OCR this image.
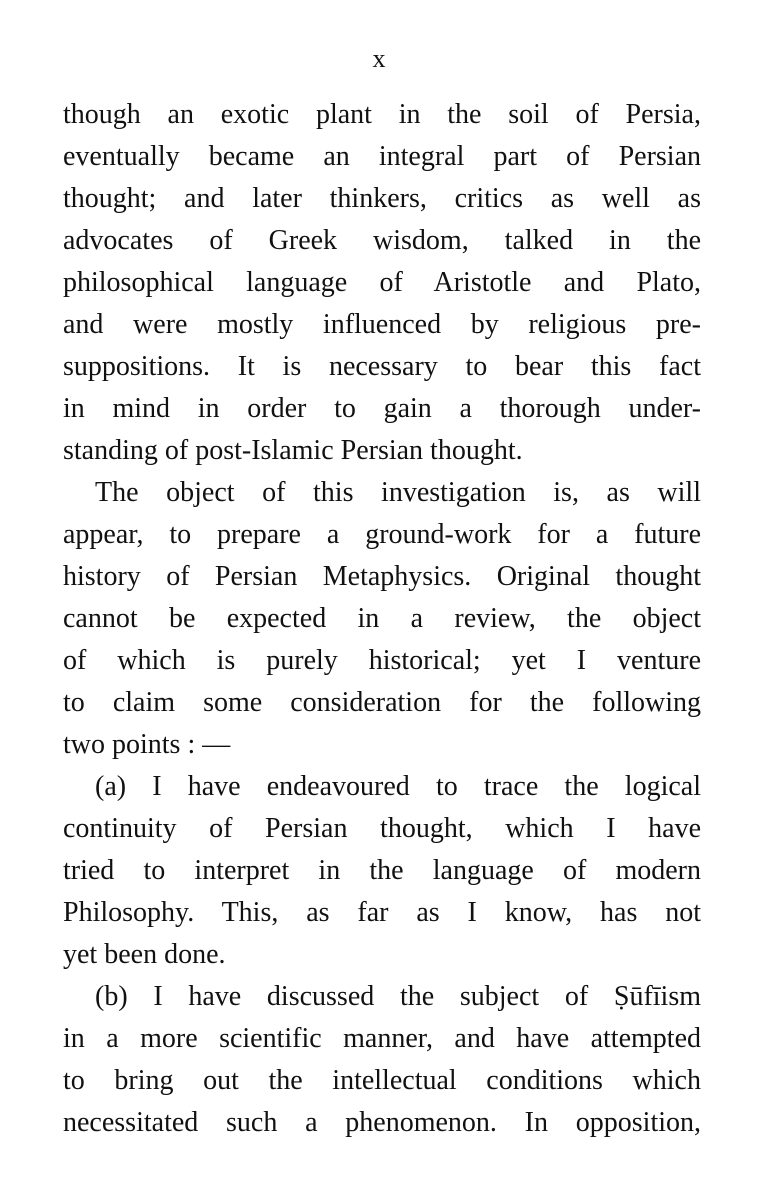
x
though an exotic plant in the soil of Persia,
eventually became an integral part of Persian
thought; and later thinkers, critics as well as
advocates of Greek wisdom, talked in the
philosophical language of Aristotle and Plato,
and were mostly influenced by religious pre-
suppositions. It is necessary to bear this fact
in mind in order to gain a thorough under-
standing of post-Islamic Persian thought.
The object of this investigation is, as will
appear, to prepare a ground-work for a future
history of Persian Metaphysics. Original thought
cannot be expected in a review, the object
of which is purely historical; yet I venture
to claim some consideration for the following
two points : —
(a) I have endeavoured to trace the logical
continuity of Persian thought, which I have
tried to interpret in the language of modern
Philosophy. This, as far as I know, has not
yet been done.
(b) I have discussed the subject of Ṣūfīism
in a more scientific manner, and have attempted
to bring out the intellectual conditions which
necessitated such a phenomenon. In opposition,
